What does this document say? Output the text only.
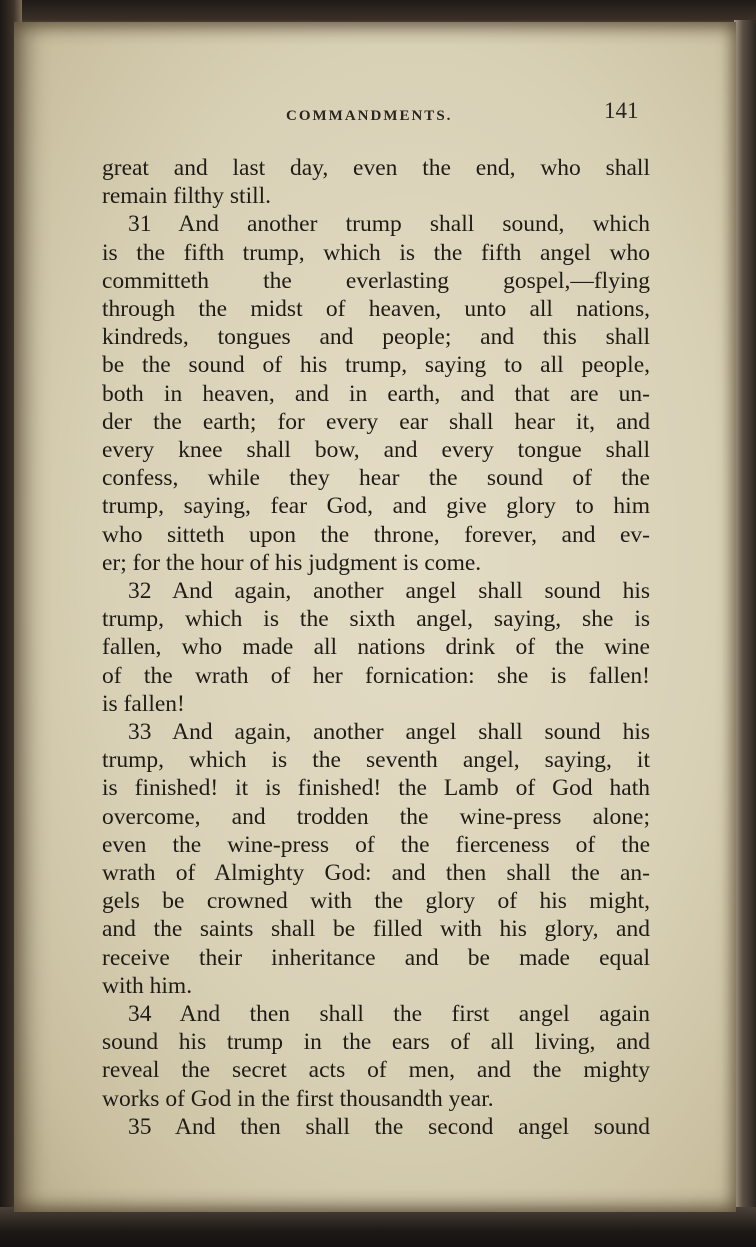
COMMANDMENTS.	141
great and last day, even the end, who shall
remain filthy still.
31 And another trump shall sound, which
is the fifth trump, which is the fifth angel who
committeth the everlasting gospel,—flying
through the midst of heaven, unto all nations,
kindreds, tongues and people; and this shall
be the sound of his trump, saying to all people,
both in heaven, and in earth, and that are un-
der the earth; for every ear shall hear it, and
every knee shall bow, and every tongue shall
confess, while they hear the sound of the
trump, saying, fear God, and give glory to him
who sitteth upon the throne, forever, and ev-
er; for the hour of his judgment is come.
32 And again, another angel shall sound his
trump, which is the sixth angel, saying, she is
fallen, who made all nations drink of the wine
of the wrath of her fornication: she is fallen!
is fallen!
33 And again, another angel shall sound his
trump, which is the seventh angel, saying, it
is finished! it is finished! the Lamb of God hath
overcome, and trodden the wine-press alone;
even the wine-press of the fierceness of the
wrath of Almighty God: and then shall the an-
gels be crowned with the glory of his might,
and the saints shall be filled with his glory, and
receive their inheritance and be made equal
with him.
34 And then shall the first angel again
sound his trump in the ears of all living, and
reveal the secret acts of men, and the mighty
works of God in the first thousandth year.
35 And then shall the second angel sound
